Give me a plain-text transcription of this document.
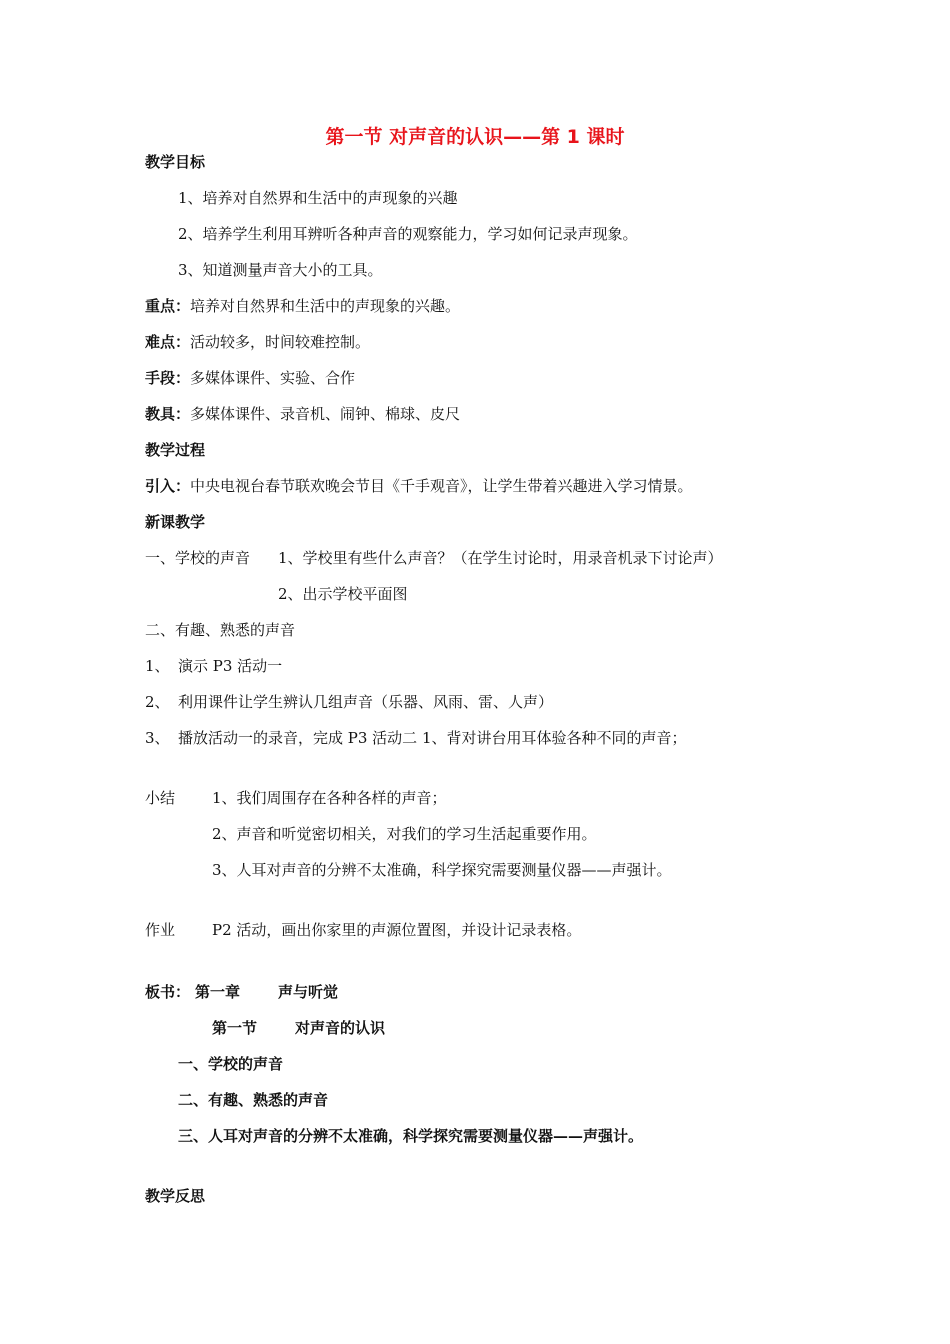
第一节 对声音的认识——第 1 课时
教学目标
1、培养对自然界和生活中的声现象的兴趣
2、培养学生利用耳辨听各种声音的观察能力，学习如何记录声现象。
3、知道测量声音大小的工具。
重点：培养对自然界和生活中的声现象的兴趣。
难点：活动较多，时间较难控制。
手段：多媒体课件、实验、合作
教具：多媒体课件、录音机、闹钟、棉球、皮尺
教学过程
引入：中央电视台春节联欢晚会节目《千手观音》，让学生带着兴趣进入学习情景。
新课教学
一、学校的声音 1、学校里有些什么声音？（在学生讨论时，用录音机录下讨论声）
2、出示学校平面图
二、有趣、熟悉的声音
1、 演示 P3 活动一
2、 利用课件让学生辨认几组声音（乐器、风雨、雷、人声）
3、 播放活动一的录音，完成 P3 活动二 1、背对讲台用耳体验各种不同的声音；
小结 1、我们周围存在各种各样的声音；
2、声音和听觉密切相关，对我们的学习生活起重要作用。
3、人耳对声音的分辨不太准确，科学探究需要测量仪器——声强计。
作业 P2 活动，画出你家里的声源位置图，并设计记录表格。
板书： 第一章	声与听觉
第一节	对声音的认识
一、学校的声音
二、有趣、熟悉的声音
三、人耳对声音的分辨不太准确，科学探究需要测量仪器——声强计。
教学反思
